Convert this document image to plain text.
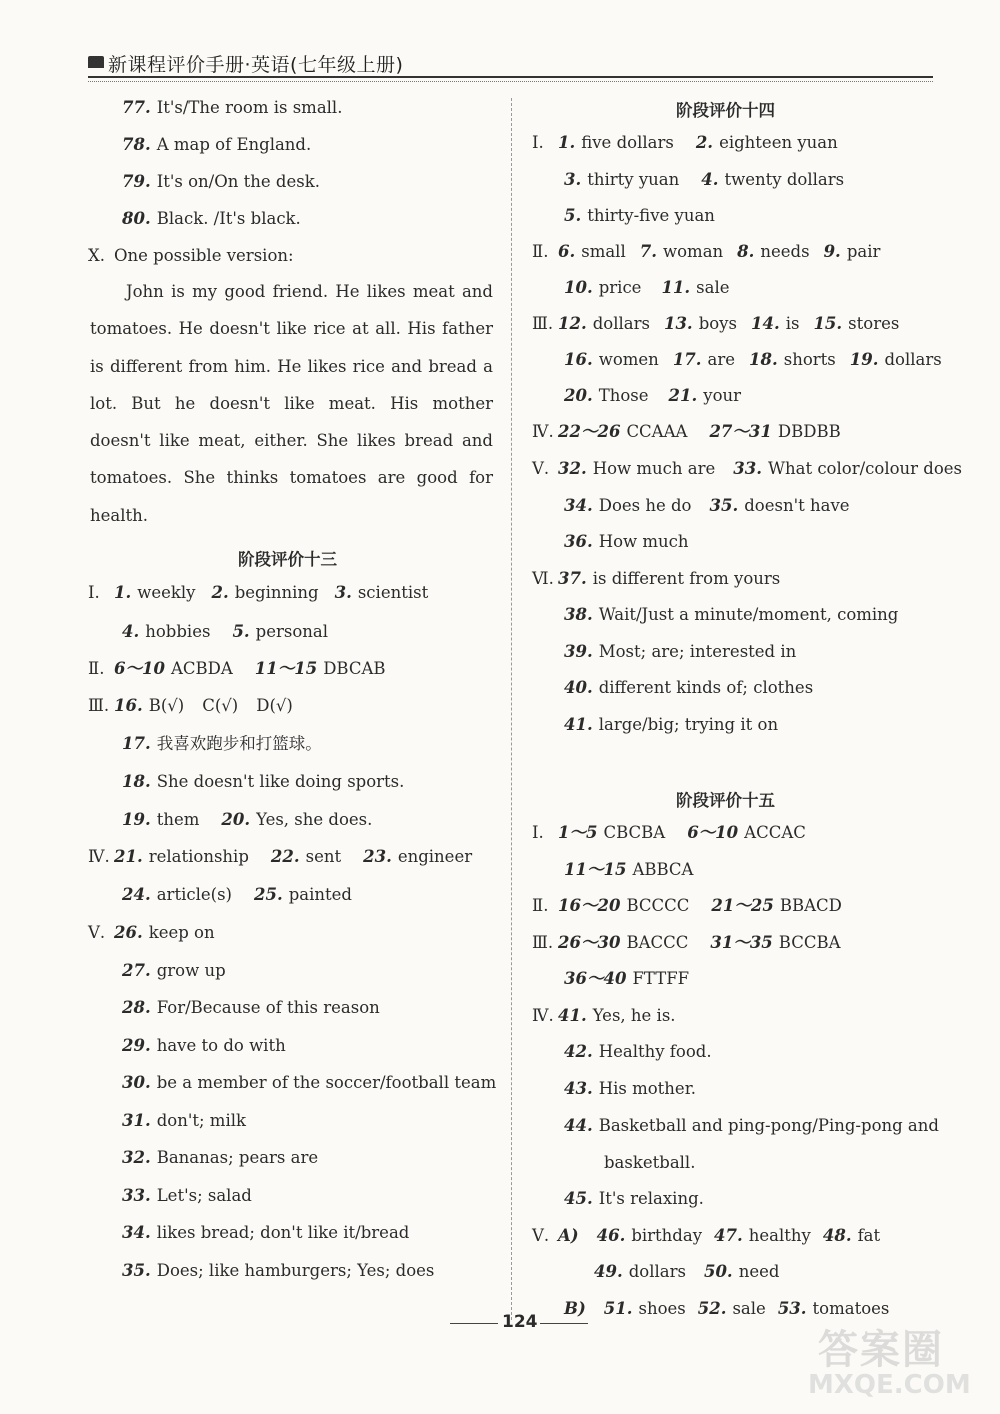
新课程评价手册·英语(七年级上册)
Ⅹ. One possible version:
John is my good friend. He likes meat and tomatoes. He doesn't like rice at all. His father is different from him. He likes rice and bread a lot. But he doesn't like meat. His mother doesn't like meat, either. She likes bread and tomatoes. She thinks tomatoes are good for health.
阶段评价十三
阶段评价十四
阶段评价十五
77. It's/The room is small.
78. A map of England.
79. It's on/On the desk.
80. Black. /It's black.
Ⅰ. 1. weekly 2. beginning 3. scientist
4. hobbies 5. personal
Ⅱ. 6～10 ACBDA 11～15 DBCAB
Ⅲ. 16. B(√) C(√) D(√)
17. 我喜欢跑步和打篮球。
18. She doesn't like doing sports.
19. them 20. Yes, she does.
Ⅳ. 21. relationship 22. sent 23. engineer
24. article(s) 25. painted
Ⅴ. 26. keep on
27. grow up
28. For/Because of this reason
29. have to do with
30. be a member of the soccer/football team
31. don't; milk
32. Bananas; pears are
33. Let's; salad
34. likes bread; don't like it/bread
35. Does; like hamburgers; Yes; does
Ⅰ. 1. five dollars 2. eighteen yuan
3. thirty yuan 4. twenty dollars
5. thirty-five yuan
Ⅱ. 6. small 7. woman 8. needs 9. pair
10. price 11. sale
Ⅲ. 12. dollars 13. boys 14. is 15. stores
16. women 17. are 18. shorts 19. dollars
20. Those 21. your
Ⅳ. 22～26 CCAAA 27～31 DBDBB
Ⅴ. 32. How much are 33. What color/colour does
34. Does he do 35. doesn't have
36. How much
Ⅵ. 37. is different from yours
38. Wait/Just a minute/moment, coming
39. Most; are; interested in
40. different kinds of; clothes
41. large/big; trying it on
Ⅰ. 1～5 CBCBA 6～10 ACCAC
11～15 ABBCA
Ⅱ. 16～20 BCCCC 21～25 BBACD
Ⅲ. 26～30 BACCC 31～35 BCCBA
36～40 FTTFF
Ⅳ. 41. Yes, he is.
42. Healthy food.
43. His mother.
44. Basketball and ping-pong/Ping-pong and
basketball.
45. It's relaxing.
Ⅴ. A) 46. birthday 47. healthy 48. fat
49. dollars 50. need
B) 51. shoes 52. sale 53. tomatoes
124
答案圈
MXQE.COM
